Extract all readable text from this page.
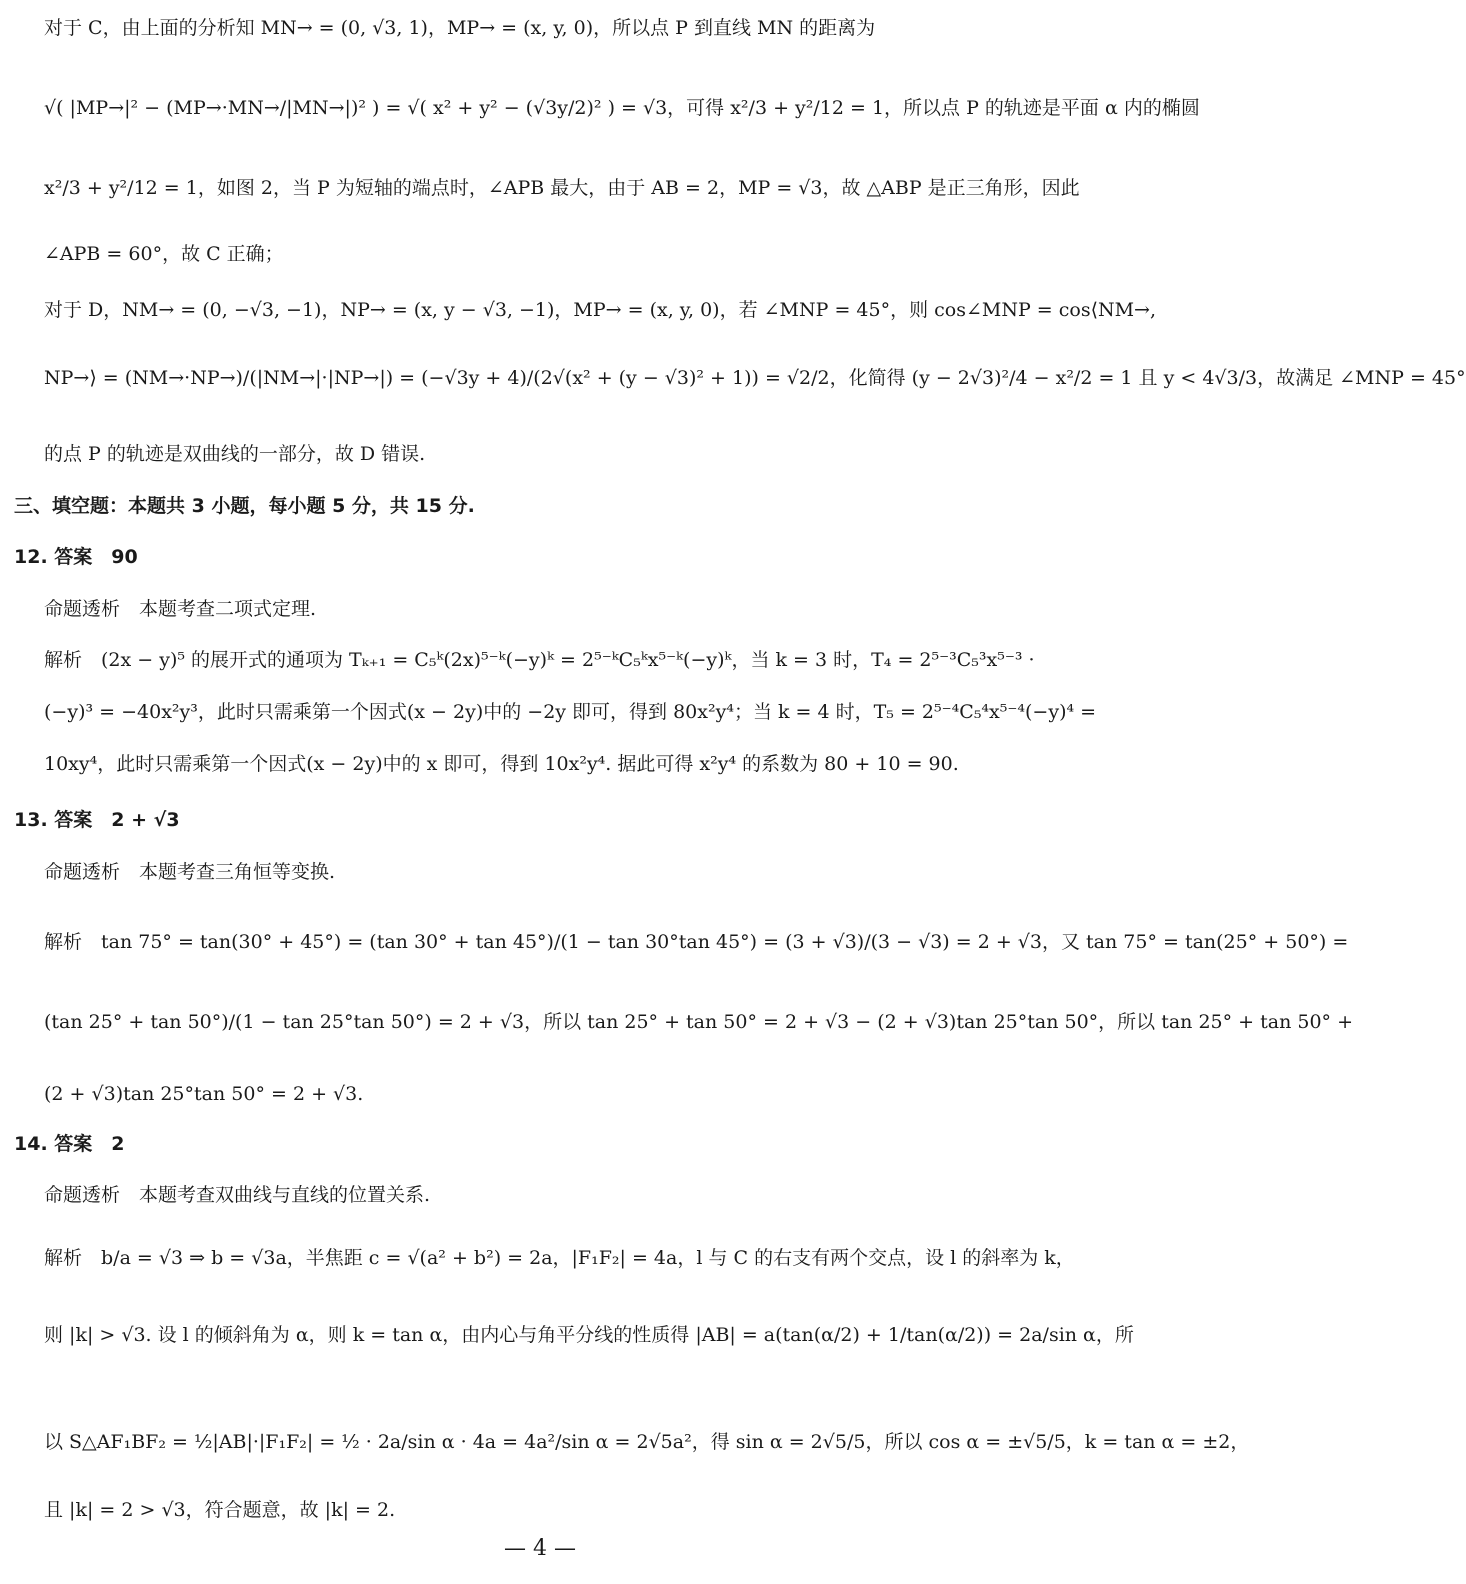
对于 C，由上面的分析知 MN→ = (0, √3, 1)，MP→ = (x, y, 0)，所以点 P 到直线 MN 的距离为
√( |MP→|² − (MP→·MN→/|MN→|)² ) = √( x² + y² − (√3y/2)² ) = √3，可得 x²/3 + y²/12 = 1，所以点 P 的轨迹是平面 α 内的椭圆
x²/3 + y²/12 = 1，如图 2，当 P 为短轴的端点时，∠APB 最大，由于 AB = 2，MP = √3，故 △ABP 是正三角形，因此
∠APB = 60°，故 C 正确；
对于 D，NM→ = (0, −√3, −1)，NP→ = (x, y − √3, −1)，MP→ = (x, y, 0)，若 ∠MNP = 45°，则 cos∠MNP = cos⟨NM→,
NP→⟩ = (NM→·NP→)/(|NM→|·|NP→|) = (−√3y + 4)/(2√(x² + (y − √3)² + 1)) = √2/2，化简得 (y − 2√3)²/4 − x²/2 = 1 且 y < 4√3/3，故满足 ∠MNP = 45°
的点 P 的轨迹是双曲线的一部分，故 D 错误.
三、填空题：本题共 3 小题，每小题 5 分，共 15 分.
12. 答案　90
命题透析　本题考查二项式定理.
解析　(2x − y)⁵ 的展开式的通项为 Tₖ₊₁ = C₅ᵏ(2x)⁵⁻ᵏ(−y)ᵏ = 2⁵⁻ᵏC₅ᵏx⁵⁻ᵏ(−y)ᵏ，当 k = 3 时，T₄ = 2⁵⁻³C₅³x⁵⁻³ ·
(−y)³ = −40x²y³，此时只需乘第一个因式(x − 2y)中的 −2y 即可，得到 80x²y⁴；当 k = 4 时，T₅ = 2⁵⁻⁴C₅⁴x⁵⁻⁴(−y)⁴ =
10xy⁴，此时只需乘第一个因式(x − 2y)中的 x 即可，得到 10x²y⁴. 据此可得 x²y⁴ 的系数为 80 + 10 = 90.
13. 答案　2 + √3
命题透析　本题考查三角恒等变换.
解析　tan 75° = tan(30° + 45°) = (tan 30° + tan 45°)/(1 − tan 30°tan 45°) = (3 + √3)/(3 − √3) = 2 + √3，又 tan 75° = tan(25° + 50°) =
(tan 25° + tan 50°)/(1 − tan 25°tan 50°) = 2 + √3，所以 tan 25° + tan 50° = 2 + √3 − (2 + √3)tan 25°tan 50°，所以 tan 25° + tan 50° +
(2 + √3)tan 25°tan 50° = 2 + √3.
14. 答案　2
命题透析　本题考查双曲线与直线的位置关系.
解析　b/a = √3 ⇒ b = √3a，半焦距 c = √(a² + b²) = 2a，|F₁F₂| = 4a，l 与 C 的右支有两个交点，设 l 的斜率为 k，
则 |k| > √3. 设 l 的倾斜角为 α，则 k = tan α，由内心与角平分线的性质得 |AB| = a(tan(α/2) + 1/tan(α/2)) = 2a/sin α，所
以 S△AF₁BF₂ = ½|AB|·|F₁F₂| = ½ · 2a/sin α · 4a = 4a²/sin α = 2√5a²，得 sin α = 2√5/5，所以 cos α = ±√5/5，k = tan α = ±2，
且 |k| = 2 > √3，符合题意，故 |k| = 2.
— 4 —
